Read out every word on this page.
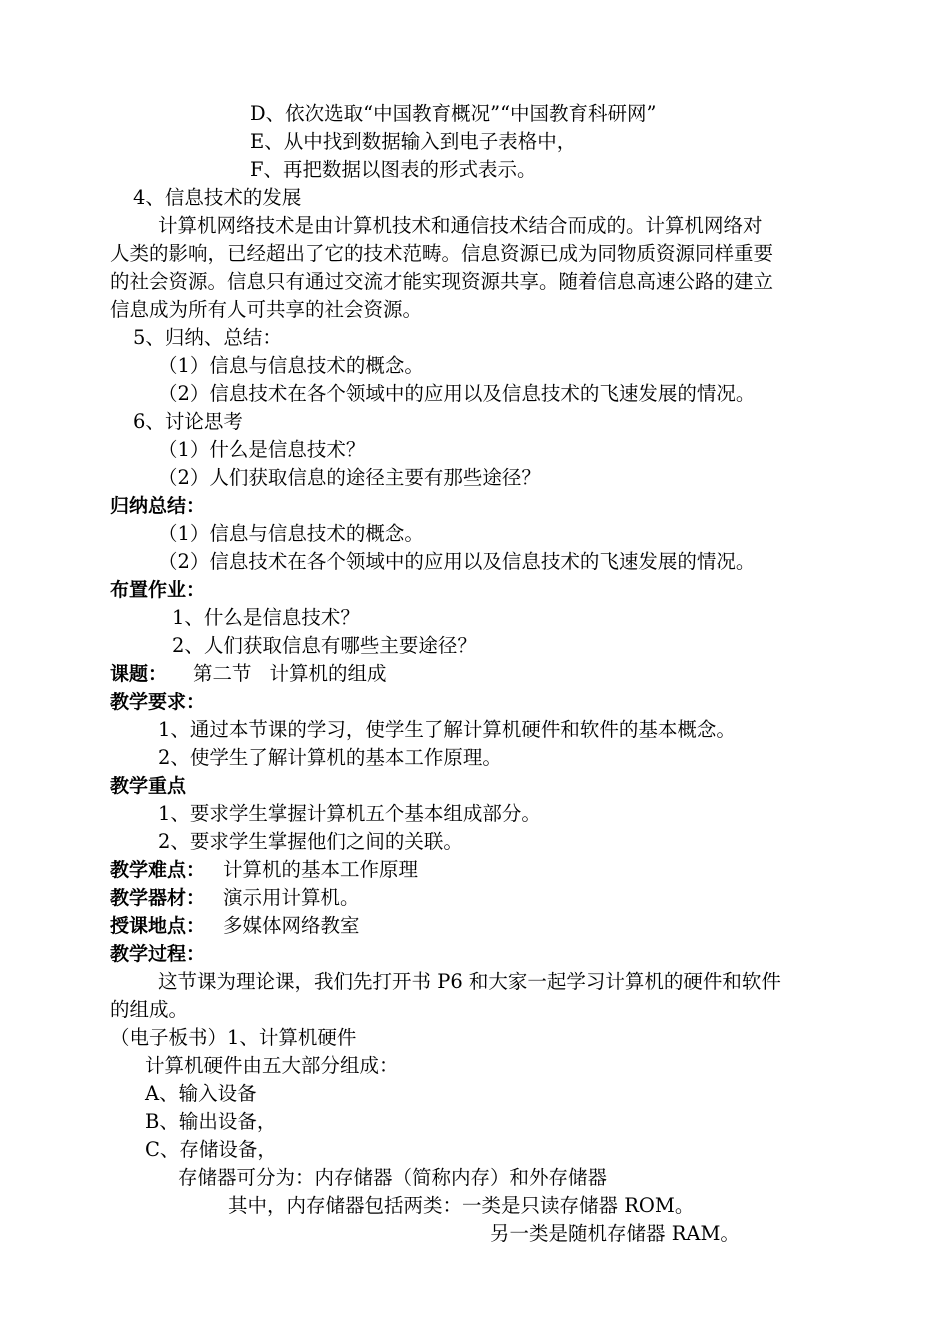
D、依次选取“中国教育概况”“中国教育科研网”
E、从中找到数据输入到电子表格中，
F、再把数据以图表的形式表示。
4、信息技术的发展
计算机网络技术是由计算机技术和通信技术结合而成的。计算机网络对
人类的影响，已经超出了它的技术范畴。信息资源已成为同物质资源同样重要
的社会资源。信息只有通过交流才能实现资源共享。随着信息高速公路的建立
信息成为所有人可共享的社会资源。
5、归纳、总结：
（1）信息与信息技术的概念。
（2）信息技术在各个领域中的应用以及信息技术的飞速发展的情况。
6、讨论思考
（1）什么是信息技术？
（2）人们获取信息的途径主要有那些途径？
归纳总结：
（1）信息与信息技术的概念。
（2）信息技术在各个领域中的应用以及信息技术的飞速发展的情况。
布置作业：
1、什么是信息技术？
2、人们获取信息有哪些主要途径？
课题： 第二节 计算机的组成
教学要求：
1、通过本节课的学习，使学生了解计算机硬件和软件的基本概念。
2、使学生了解计算机的基本工作原理。
教学重点
1、要求学生掌握计算机五个基本组成部分。
2、要求学生掌握他们之间的关联。
教学难点： 计算机的基本工作原理
教学器材： 演示用计算机。
授课地点： 多媒体网络教室
教学过程：
这节课为理论课，我们先打开书 P6 和大家一起学习计算机的硬件和软件
的组成。
（电子板书）1、计算机硬件
计算机硬件由五大部分组成：
A、输入设备
B、输出设备，
C、存储设备，
存储器可分为：内存储器（简称内存）和外存储器
其中，内存储器包括两类：一类是只读存储器 ROM。
另一类是随机存储器 RAM。
